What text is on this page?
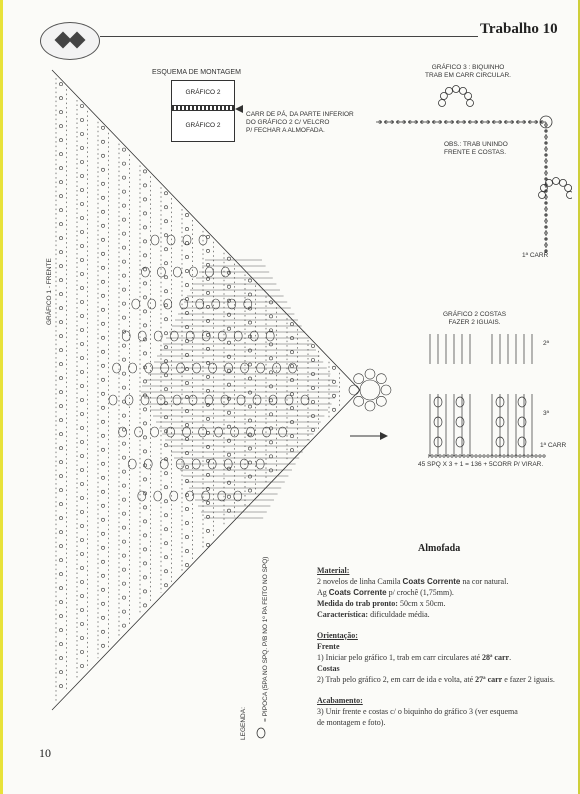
Trabalho 10
GRÁFICO 1 - FRENTE
LEGENDA:
= PIPOCA (5PA NO SPQ. P/B NO 1º PA FEITO NO SPQ)
ESQUEMA DE MONTAGEM
GRÁFICO 2
GRÁFICO 2
CARR DE PÁ, DA PARTE INFERIOR
DO GRÁFICO 2 C/ VELCRO
P/ FECHAR A ALMOFADA.
GRÁFICO 3 : BIQUINHO
TRAB EM CARR CIRCULAR.
OBS.: TRAB UNINDO
FRENTE E COSTAS.
1ª CARR
GRÁFICO 2 COSTAS
FAZER 2 IGUAIS.
2ª
3ª
1ª CARR
45 SPQ X 3 + 1 = 136 + 5CORR P/ VIRAR.
Almofada
Material:
2 novelos de linha Camila Coats Corrente na cor natural.
Ag Coats Corrente p/ crochê (1,75mm).
Medida do trab pronto: 50cm x 50cm.
Característica: dificuldade média.
Orientação:
Frente
1) Iniciar pelo gráfico 1, trab em carr circulares até 28ª carr.
Costas
2) Trab pelo gráfico 2, em carr de ida e volta, até 27ª carr e fazer 2 iguais.
Acabamento:
3) Unir frente e costas c/ o biquinho do gráfico 3 (ver esquema
de montagem e foto).
10
